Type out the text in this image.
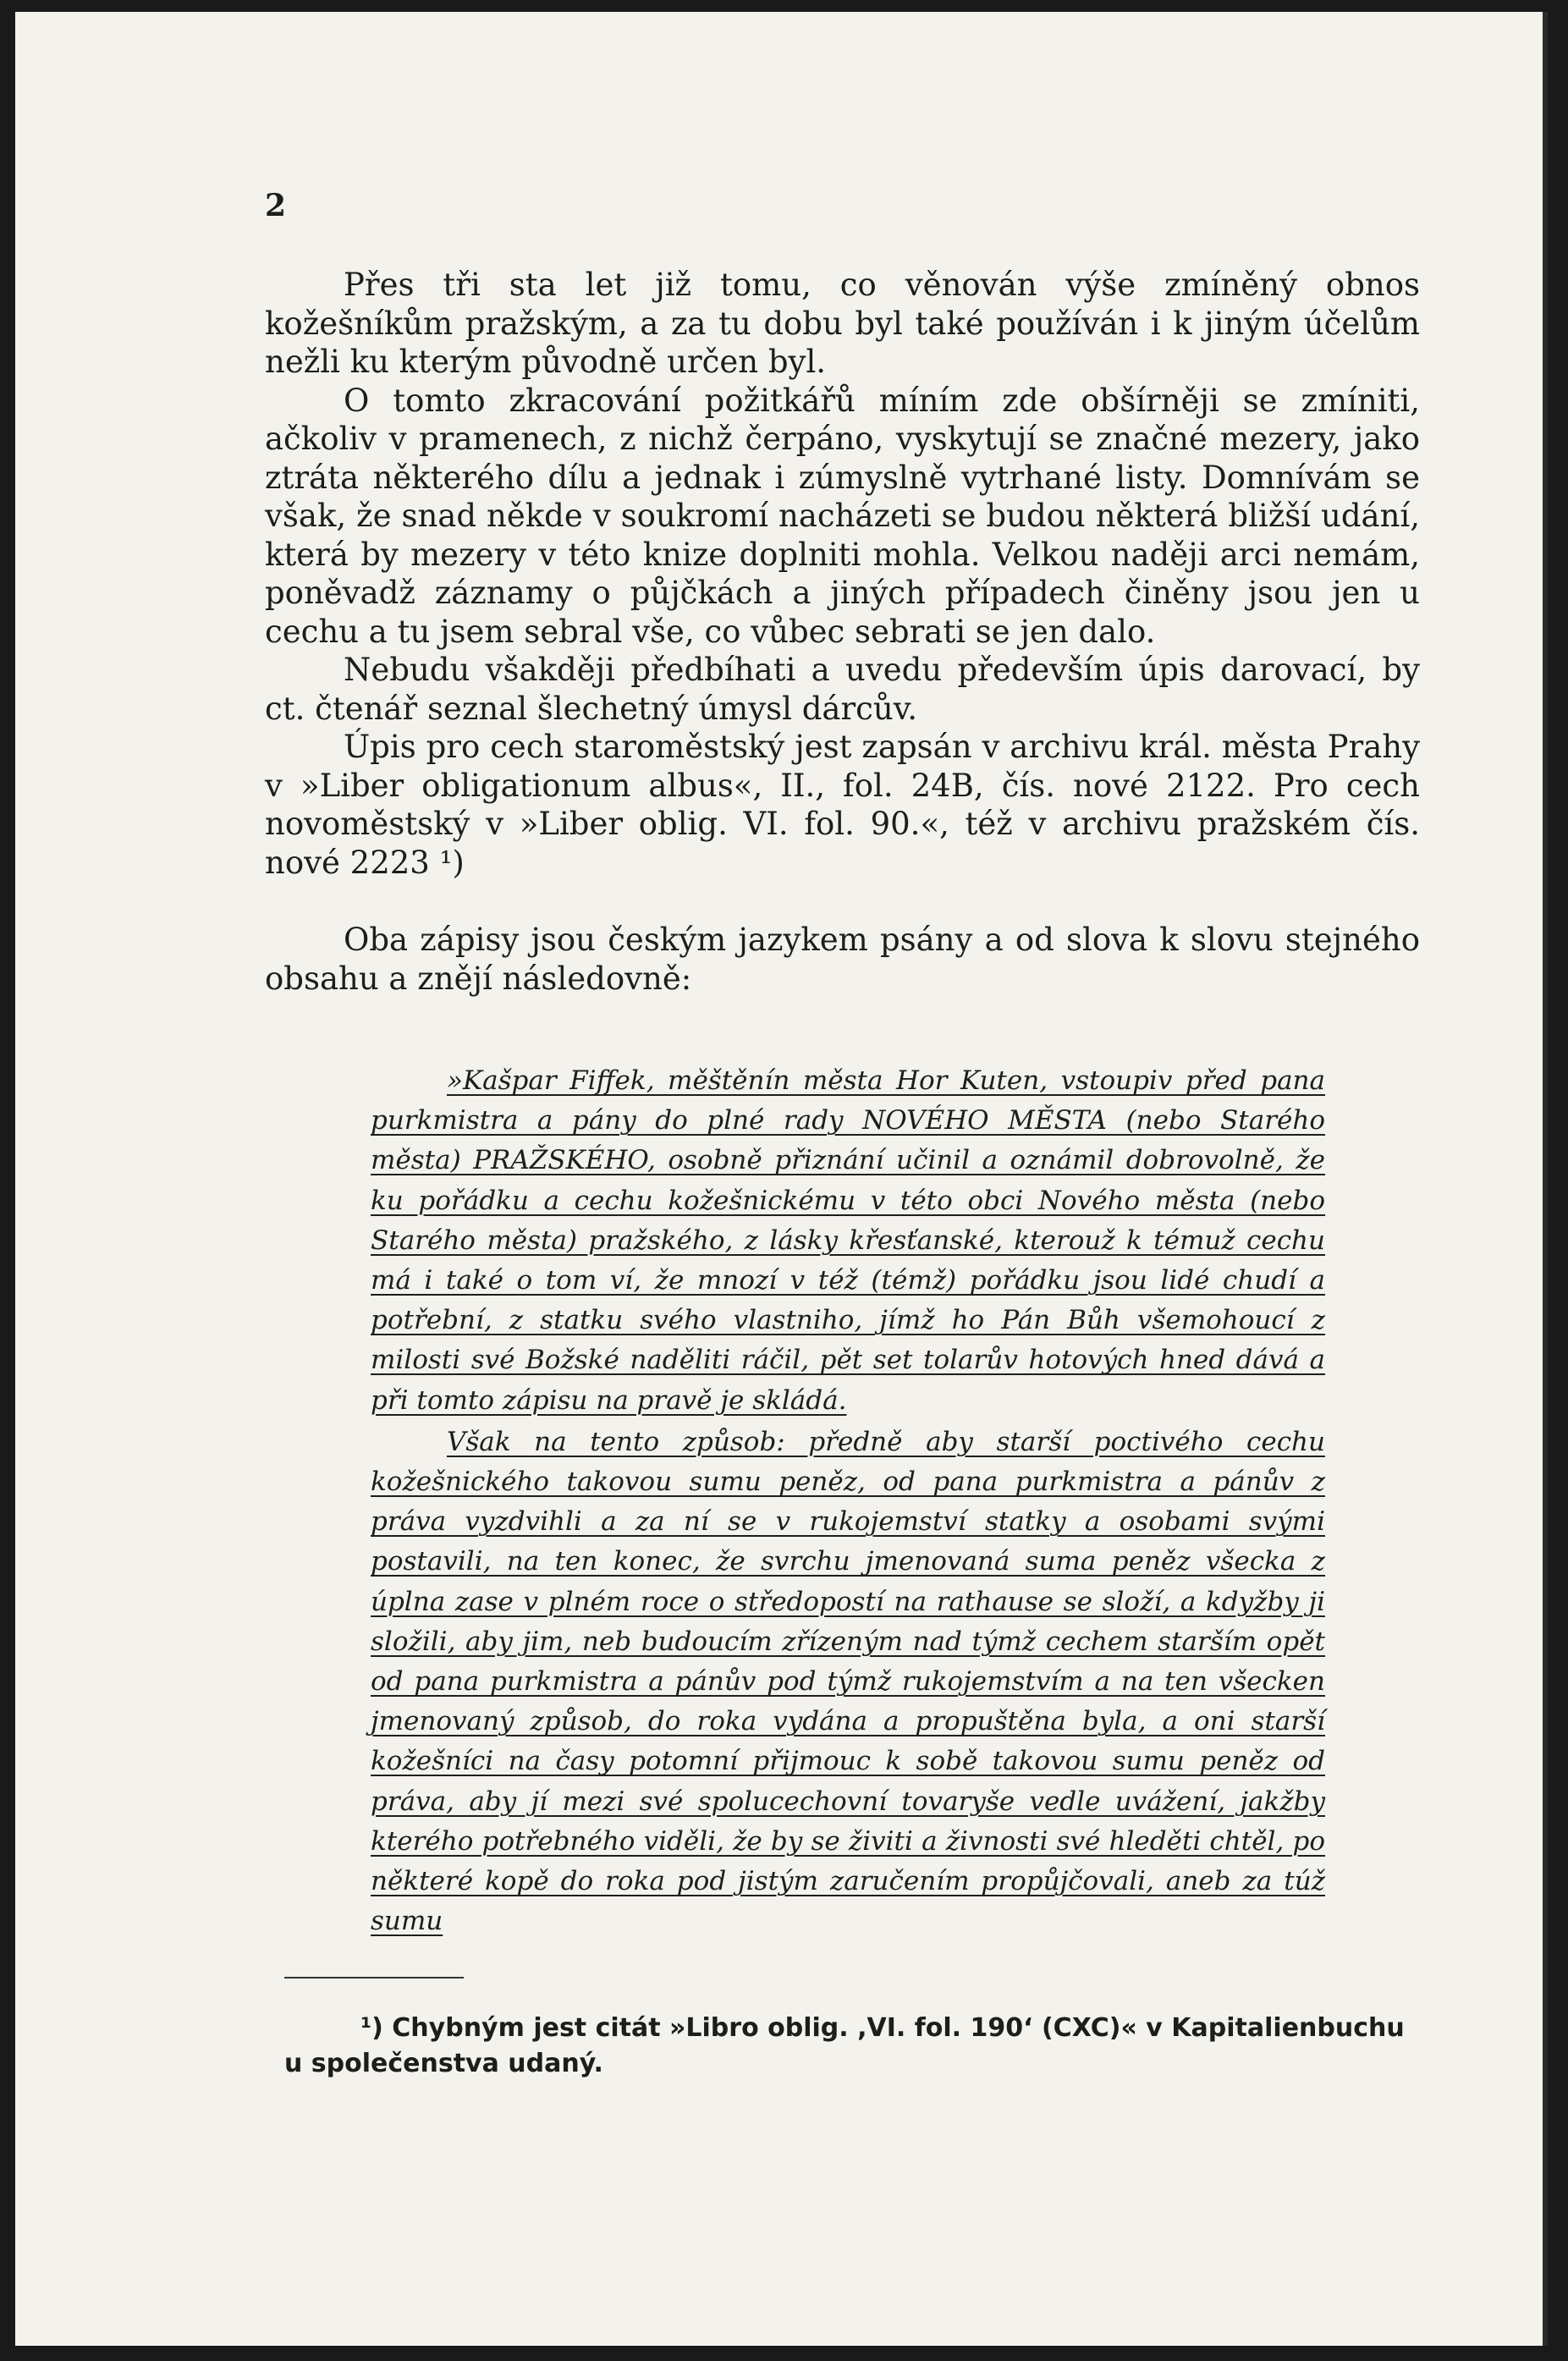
2

Přes tři sta let již tomu, co věnován výše zmíněný obnos kožešníkům pražským, a za tu dobu byl také používán i k jiným účelům nežli ku kterým původně určen byl.

O tomto zkracování požitkářů míním zde obšírněji se zmíniti, ačkoliv v pramenech, z nichž čerpáno, vyskytují se značné mezery, jako ztráta některého dílu a jednak i zúmyslně vytrhané listy. Domnívám se však, že snad někde v soukromí nacházeti se budou některá bližší udání, která by mezery v této knize doplniti mohla. Velkou naději arci nemám, poněvadž záznamy o půjčkách a jiných případech činěny jsou jen u cechu a tu jsem sebral vše, co vůbec sebrati se jen dalo.

Nebudu všakději předbíhati a uvedu především úpis darovací, by ct. čtenář seznal šlechetný úmysl dárcův.

Úpis pro cech staroměstský jest zapsán v archivu král. města Prahy v »Liber obligationum albus«, II., fol. 24B, čís. nové 2122. Pro cech novoměstský v »Liber oblig. VI. fol. 90.«, též v archivu pražském čís. nové 2223 ¹)

Oba zápisy jsou českým jazykem psány a od slova k slovu stejného obsahu a znějí následovně:

»Kašpar Fiffek, měštěnín města Hor Kuten, vstoupiv před pana purkmistra a pány do plné rady NOVÉHO MĚSTA (nebo Starého města) PRAŽSKÉHO, osobně přiznání učinil a oznámil dobrovolně, že ku pořádku a cechu kožešnickému v této obci Nového města (nebo Starého města) pražského, z lásky křesťanské, kterouž k témuž cechu má i také o tom ví, že mnozí v též (témž) pořádku jsou lidé chudí a potřební, z statku svého vlastniho, jímž ho Pán Bůh všemohoucí z milosti své Božské naděliti ráčil, pět set tolarův hotových hned dává a při tomto zápisu na pravě je skládá.

Však na tento způsob: předně aby starší poctivého cechu kožešnického takovou sumu peněz, od pana purkmistra a pánův z práva vyzdvihli a za ní se v rukojemství statky a osobami svými postavili, na ten konec, že svrchu jmenovaná suma peněz všecka z úplna zase v plném roce o středopostí na rathause se složí, a kdyžby ji složili, aby jim, neb budoucím zřízeným nad týmž cechem starším opět od pana purkmistra a pánův pod týmž rukojemstvím a na ten všecken jmenovaný způsob, do roka vydána a propuštěna byla, a oni starší kožešníci na časy potomní přijmouc k sobě takovou sumu peněz od práva, aby jí mezi své spolucechovní tovaryše vedle uvážení, jakžby kterého potřebného viděli, že by se živiti a živnosti své hleděti chtěl, po některé kopě do roka pod jistým zaručením propůjčovali, aneb za túž sumu

¹) Chybným jest citát »Libro oblig. ,VI. fol. 190‘ (CXC)« v Kapitalienbuchu u společenstva udaný.
